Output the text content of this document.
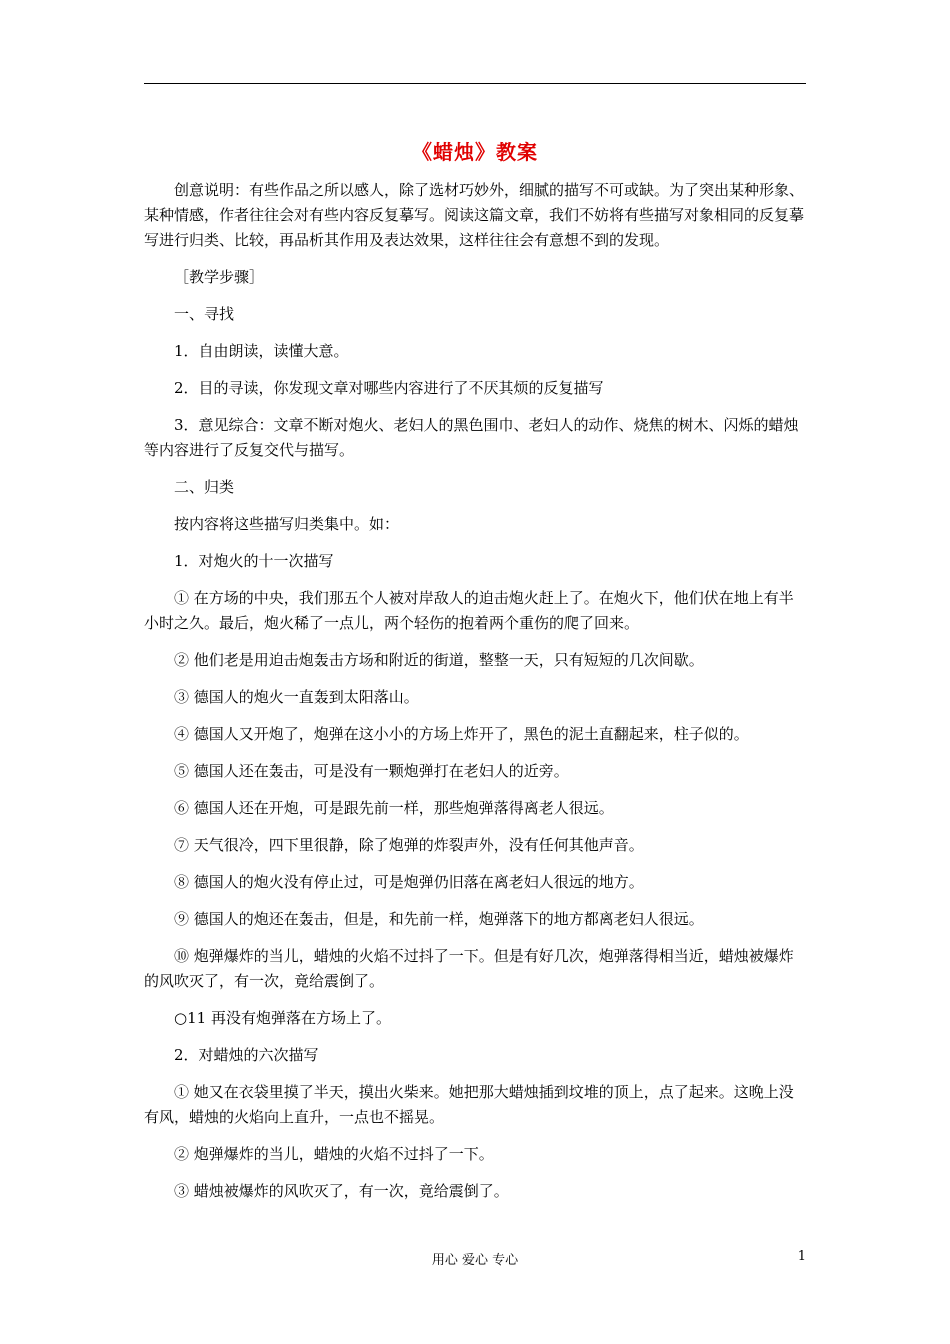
《蜡烛》教案

创意说明：有些作品之所以感人，除了选材巧妙外，细腻的描写不可或缺。为了突出某种形象、某种情感，作者往往会对有些内容反复摹写。阅读这篇文章，我们不妨将有些描写对象相同的反复摹写进行归类、比较，再品析其作用及表达效果，这样往往会有意想不到的发现。

［教学步骤］

一、寻找

1．自由朗读，读懂大意。

2．目的寻读，你发现文章对哪些内容进行了不厌其烦的反复描写

3．意见综合：文章不断对炮火、老妇人的黑色围巾、老妇人的动作、烧焦的树木、闪烁的蜡烛等内容进行了反复交代与描写。

二、归类

按内容将这些描写归类集中。如：

1．对炮火的十一次描写

① 在方场的中央，我们那五个人被对岸敌人的迫击炮火赶上了。在炮火下，他们伏在地上有半小时之久。最后，炮火稀了一点儿，两个轻伤的抱着两个重伤的爬了回来。

② 他们老是用迫击炮轰击方场和附近的街道，整整一天，只有短短的几次间歇。

③ 德国人的炮火一直轰到太阳落山。

④ 德国人又开炮了，炮弹在这小小的方场上炸开了，黑色的泥土直翻起来，柱子似的。

⑤ 德国人还在轰击，可是没有一颗炮弹打在老妇人的近旁。

⑥ 德国人还在开炮，可是跟先前一样，那些炮弹落得离老人很远。

⑦ 天气很冷，四下里很静，除了炮弹的炸裂声外，没有任何其他声音。

⑧ 德国人的炮火没有停止过，可是炮弹仍旧落在离老妇人很远的地方。

⑨ 德国人的炮还在轰击，但是，和先前一样，炮弹落下的地方都离老妇人很远。

⑩ 炮弹爆炸的当儿，蜡烛的火焰不过抖了一下。但是有好几次，炮弹落得相当近，蜡烛被爆炸的风吹灭了，有一次，竟给震倒了。

○11 再没有炮弹落在方场上了。

2．对蜡烛的六次描写

① 她又在衣袋里摸了半天，摸出火柴来。她把那大蜡烛插到坟堆的顶上，点了起来。这晚上没有风，蜡烛的火焰向上直升，一点也不摇晃。

② 炮弹爆炸的当儿，蜡烛的火焰不过抖了一下。

③ 蜡烛被爆炸的风吹灭了，有一次，竟给震倒了。

用心 爱心 专心	1
